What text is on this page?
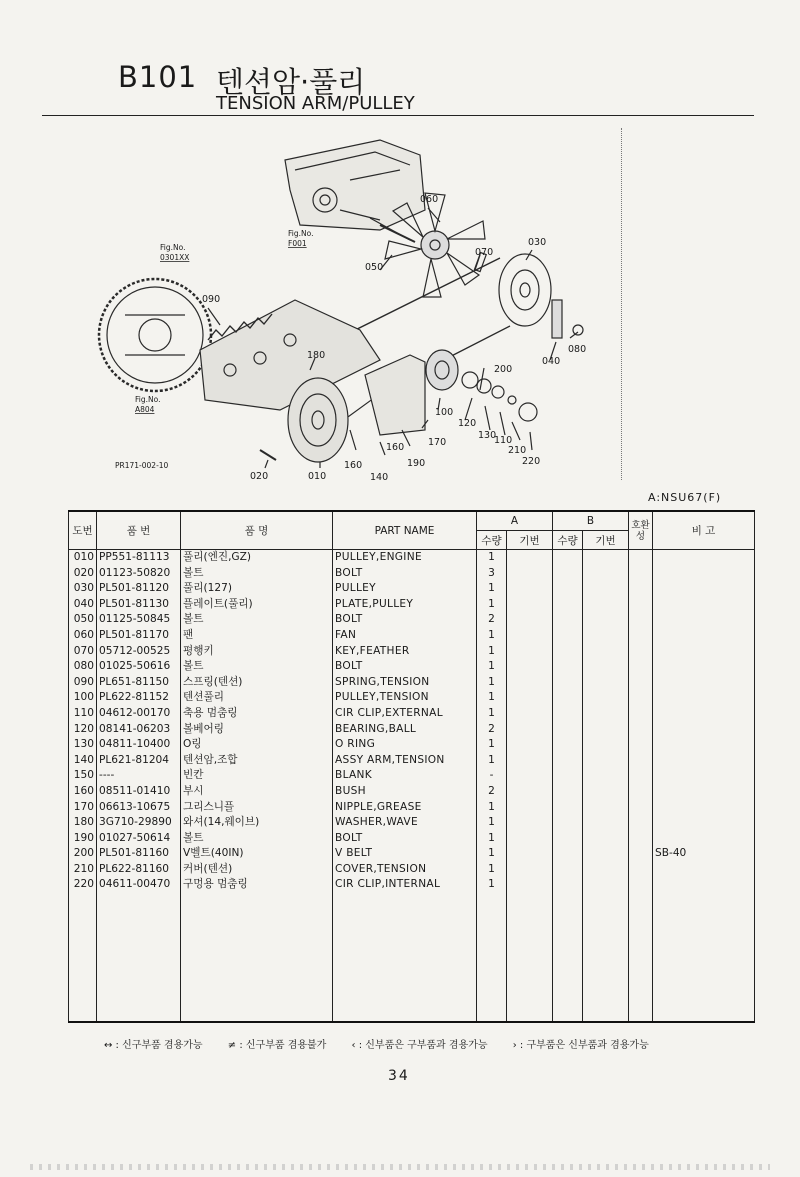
B101 텐션암·풀리
TENSION ARM/PULLEY
060
030
070
050
090
180
040
080
200
100
120
130
110
210
220
170
160
190
160
140
020	010
Fig.No.
0301XX
Fig.No.
F001
Fig.No.
A804
PR171-002-10
A:NSU67(F)
도번	품 번	품 명	PART NAME	A		B		호환성	비 고
				수량	기번	수량	기번		
010	PP551-81113	풀리(엔진,GZ)	PULLEY,ENGINE	1					
020	01123-50820	볼트	BOLT	3					
030	PL501-81120	풀리(127)	PULLEY	1					
040	PL501-81130	플레이트(풀리)	PLATE,PULLEY	1					
050	01125-50845	볼트	BOLT	2					
060	PL501-81170	팬	FAN	1					
070	05712-00525	평행키	KEY,FEATHER	1					
080	01025-50616	볼트	BOLT	1					
090	PL651-81150	스프링(텐션)	SPRING,TENSION	1					
100	PL622-81152	텐션풀리	PULLEY,TENSION	1					
110	04612-00170	축용 멈춤링	CIR CLIP,EXTERNAL	1					
120	08141-06203	볼베어링	BEARING,BALL	2					
130	04811-10400	O링	O RING	1					
140	PL621-81204	텐션암,조합	ASSY ARM,TENSION	1					
150	----	빈칸	BLANK	-					
160	08511-01410	부시	BUSH	2					
170	06613-10675	그리스니플	NIPPLE,GREASE	1					
180	3G710-29890	와셔(14,웨이브)	WASHER,WAVE	1					
190	01027-50614	볼트	BOLT	1					
200	PL501-81160	V벨트(40IN)	V BELT	1					SB-40
210	PL622-81160	커버(텐션)	COVER,TENSION	1					
220	04611-00470	구멍용 멈춤링	CIR CLIP,INTERNAL	1					

↔ : 신구부품 겸용가능	≠ : 신구부품 겸용불가	‹ : 신부품은 구부품과 겸용가능	› : 구부품은 신부품과 겸용가능
34
